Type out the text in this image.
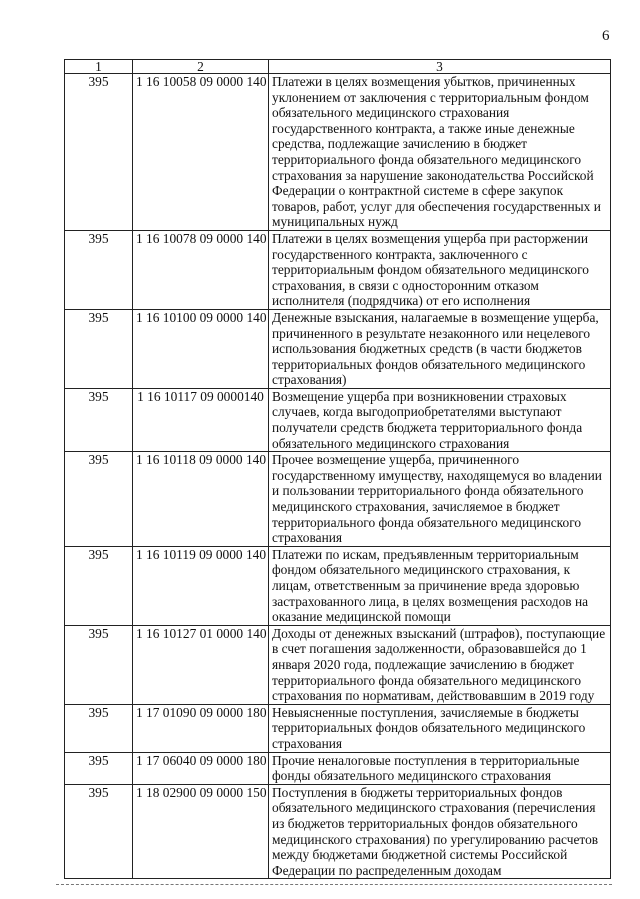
6
1	2	3
395	1 16 10058 09 0000 140	Платежи в целях возмещения убытков, причиненных уклонением от заключения с территориальным фондом обязательного медицинского страхования государственного контракта, а также иные денежные средства, подлежащие зачислению в бюджет территориального фонда обязательного медицинского страхования за нарушение законодательства Российской Федерации о контрактной системе в сфере закупок товаров, работ, услуг для обеспечения государственных и муниципальных нужд
395	1 16 10078 09 0000 140	Платежи в целях возмещения ущерба при расторжении государственного контракта, заключенного с территориальным фондом обязательного медицинского страхования, в связи с односторонним отказом исполнителя (подрядчика) от его исполнения
395	1 16 10100 09 0000 140	Денежные взыскания, налагаемые в возмещение ущерба, причиненного в результате незаконного или нецелевого использования бюджетных средств (в части бюджетов территориальных фондов обязательного медицинского страхования)
395	1 16 10117 09 0000140	Возмещение ущерба при возникновении страховых случаев, когда выгодоприобретателями выступают получатели средств бюджета территориального фонда обязательного медицинского страхования
395	1 16 10118 09 0000 140	Прочее возмещение ущерба, причиненного государственному имуществу, находящемуся во владении и пользовании территориального фонда обязательного медицинского страхования, зачисляемое в бюджет территориального фонда обязательного медицинского страхования
395	1 16 10119 09 0000 140	Платежи по искам, предъявленным территориальным фондом обязательного медицинского страхования, к лицам, ответственным за причинение вреда здоровью застрахованного лица, в целях возмещения расходов на оказание медицинской помощи
395	1 16 10127 01 0000 140	Доходы от денежных взысканий (штрафов), поступающие в счет погашения задолженности, образовавшейся до 1 января 2020 года, подлежащие зачислению в бюджет территориального фонда обязательного медицинского страхования по нормативам, действовавшим в 2019 году
395	1 17 01090 09 0000 180	Невыясненные поступления, зачисляемые в бюджеты территориальных фондов обязательного медицинского страхования
395	1 17 06040 09 0000 180	Прочие неналоговые поступления в территориальные фонды обязательного медицинского страхования
395	1 18 02900 09 0000 150	Поступления в бюджеты территориальных фондов обязательного медицинского страхования (перечисления из бюджетов территориальных фондов обязательного медицинского страхования) по урегулированию расчетов между бюджетами бюджетной системы Российской Федерации по распределенным доходам
